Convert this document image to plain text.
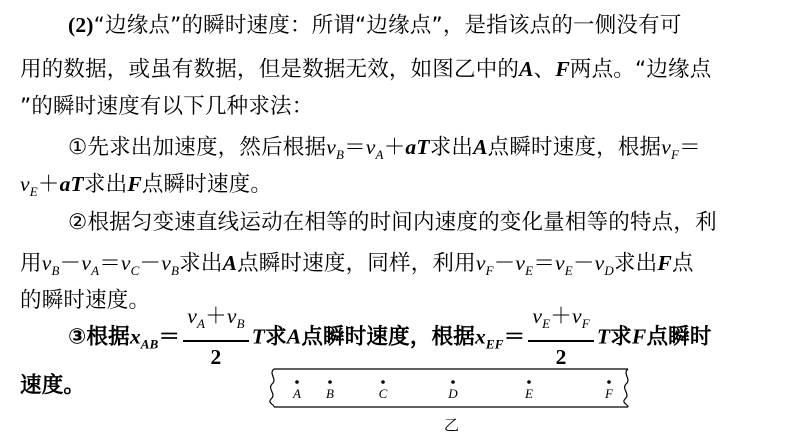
(2)“边缘点”的瞬时速度：所谓“边缘点”，是指该点的一侧没有可
用的数据，或虽有数据，但是数据无效，如图乙中的A、F两点。“边缘点
”的瞬时速度有以下几种求法：
①先求出加速度，然后根据$v_B=v_A+aT$求出A点瞬时速度，根据$v_F=$
$v_E+aT$求出F点瞬时速度。
②根据匀变速直线运动在相等的时间内速度的变化量相等的特点，利
用$v_B-v_A=v_C-v_B$求出A点瞬时速度，同样，利用$v_F-v_E=v_E-v_D$求出F点
的瞬时速度。
③根据$x_{AB}= \frac{v_A+v_B}{2}$ T求A点瞬时速度，根据$x_{EF}= \frac{v_E+v_F}{2}$ T求F点瞬时
速度。	A B	C	D	E	F
乙
